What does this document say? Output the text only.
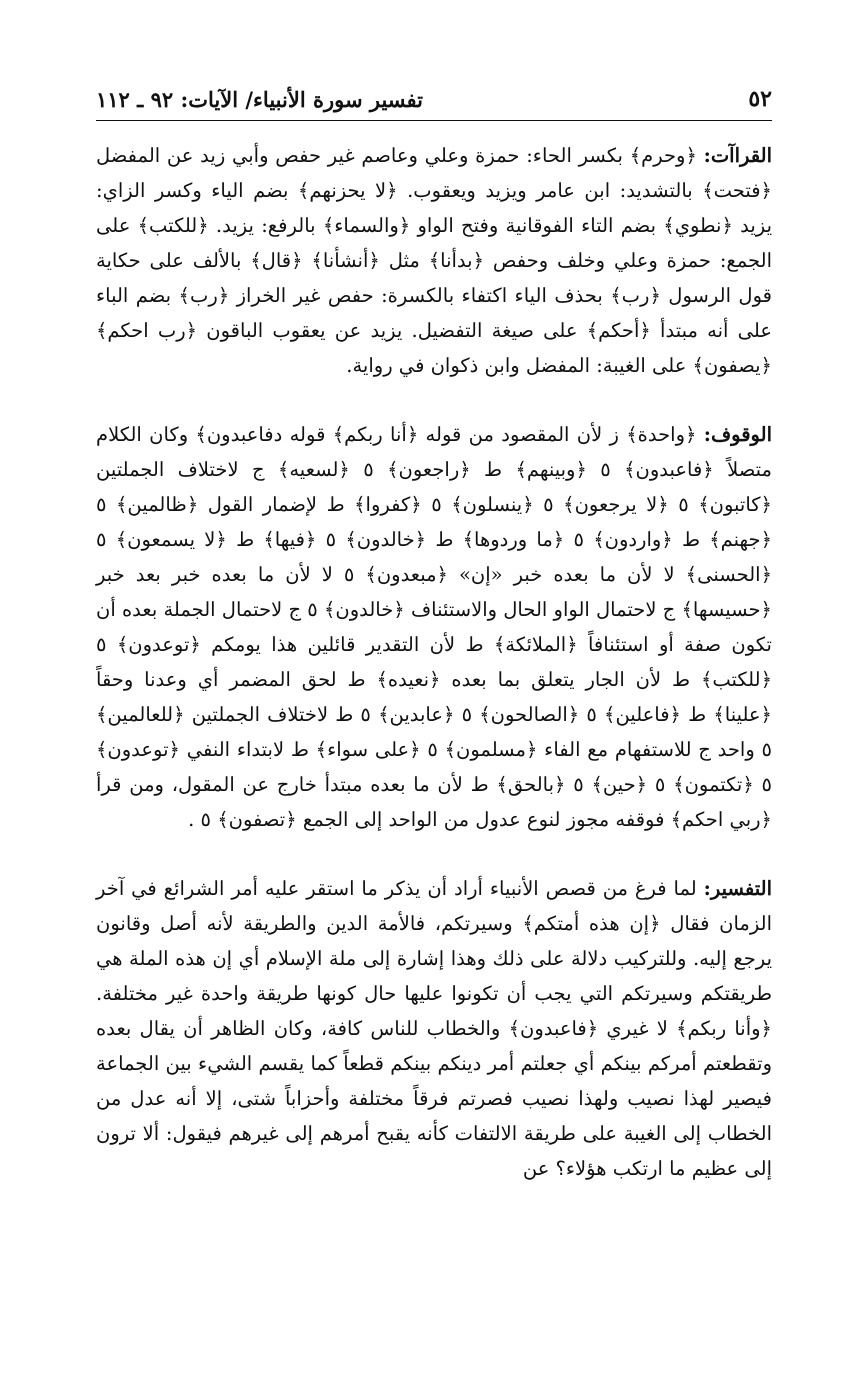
٥٢
تفسير سورة الأنبياء/ الآيات: ٩٢ ـ ١١٢

القراآت: ﴿وحرم﴾ بكسر الحاء: حمزة وعلي وعاصم غير حفص وأبي زيد عن المفضل ﴿فتحت﴾ بالتشديد: ابن عامر ويزيد ويعقوب. ﴿لا يحزنهم﴾ بضم الياء وكسر الزاي: يزيد ﴿نطوي﴾ بضم التاء الفوقانية وفتح الواو ﴿والسماء﴾ بالرفع: يزيد. ﴿للكتب﴾ على الجمع: حمزة وعلي وخلف وحفص ﴿بدأنا﴾ مثل ﴿أنشأنا﴾ ﴿قال﴾ بالألف على حكاية قول الرسول ﴿رب﴾ بحذف الياء اكتفاء بالكسرة: حفص غير الخراز ﴿رب﴾ بضم الباء على أنه مبتدأ ﴿أحكم﴾ على صيغة التفضيل. يزيد عن يعقوب الباقون ﴿رب احكم﴾ ﴿يصفون﴾ على الغيبة: المفضل وابن ذكوان في رواية.

الوقوف: ﴿واحدة﴾ ز لأن المقصود من قوله ﴿أنا ربكم﴾ قوله دفاعبدون﴾ وكان الكلام متصلاً ﴿فاعبدون﴾ ٥ ﴿وبينهم﴾ ط ﴿راجعون﴾ ٥ ﴿لسعيه﴾ ج لاختلاف الجملتين ﴿كاتبون﴾ ٥ ﴿لا يرجعون﴾ ٥ ﴿ينسلون﴾ ٥ ﴿كفروا﴾ ط لإضمار القول ﴿ظالمين﴾ ٥ ﴿جهنم﴾ ط ﴿واردون﴾ ٥ ﴿ما وردوها﴾ ط ﴿خالدون﴾ ٥ ﴿فيها﴾ ط ﴿لا يسمعون﴾ ٥ ﴿الحسنى﴾ لا لأن ما بعده خبر «إن» ﴿مبعدون﴾ ٥ لا لأن ما بعده خبر بعد خبر ﴿حسيسها﴾ ج لاحتمال الواو الحال والاستئناف ﴿خالدون﴾ ٥ ج لاحتمال الجملة بعده أن تكون صفة أو استئنافاً ﴿الملائكة﴾ ط لأن التقدير قائلين هذا يومكم ﴿توعدون﴾ ٥ ﴿للكتب﴾ ط لأن الجار يتعلق بما بعده ﴿نعيده﴾ ط لحق المضمر أي وعدنا وحقاً ﴿علينا﴾ ط ﴿فاعلين﴾ ٥ ﴿الصالحون﴾ ٥ ﴿عابدين﴾ ٥ ط لاختلاف الجملتين ﴿للعالمين﴾ ٥ واحد ج للاستفهام مع الفاء ﴿مسلمون﴾ ٥ ﴿على سواء﴾ ط لابتداء النفي ﴿توعدون﴾ ٥ ﴿تكتمون﴾ ٥ ﴿حين﴾ ٥ ﴿بالحق﴾ ط لأن ما بعده مبتدأ خارج عن المقول، ومن قرأ ﴿ربي احكم﴾ فوقفه مجوز لنوع عدول من الواحد إلى الجمع ﴿تصفون﴾ ٥ .

التفسير: لما فرغ من قصص الأنبياء أراد أن يذكر ما استقر عليه أمر الشرائع في آخر الزمان فقال ﴿إن هذه أمتكم﴾ وسيرتكم، فالأمة الدين والطريقة لأنه أصل وقانون يرجع إليه. وللتركيب دلالة على ذلك وهذا إشارة إلى ملة الإسلام أي إن هذه الملة هي طريقتكم وسيرتكم التي يجب أن تكونوا عليها حال كونها طريقة واحدة غير مختلفة. ﴿وأنا ربكم﴾ لا غيري ﴿فاعبدون﴾ والخطاب للناس كافة، وكان الظاهر أن يقال بعده وتقطعتم أمركم بينكم أي جعلتم أمر دينكم بينكم قطعاً كما يقسم الشيء بين الجماعة فيصير لهذا نصيب ولهذا نصيب فصرتم فرقاً مختلفة وأحزاباً شتى، إلا أنه عدل من الخطاب إلى الغيبة على طريقة الالتفات كأنه يقبح أمرهم إلى غيرهم فيقول: ألا ترون إلى عظيم ما ارتكب هؤلاء؟ عن
